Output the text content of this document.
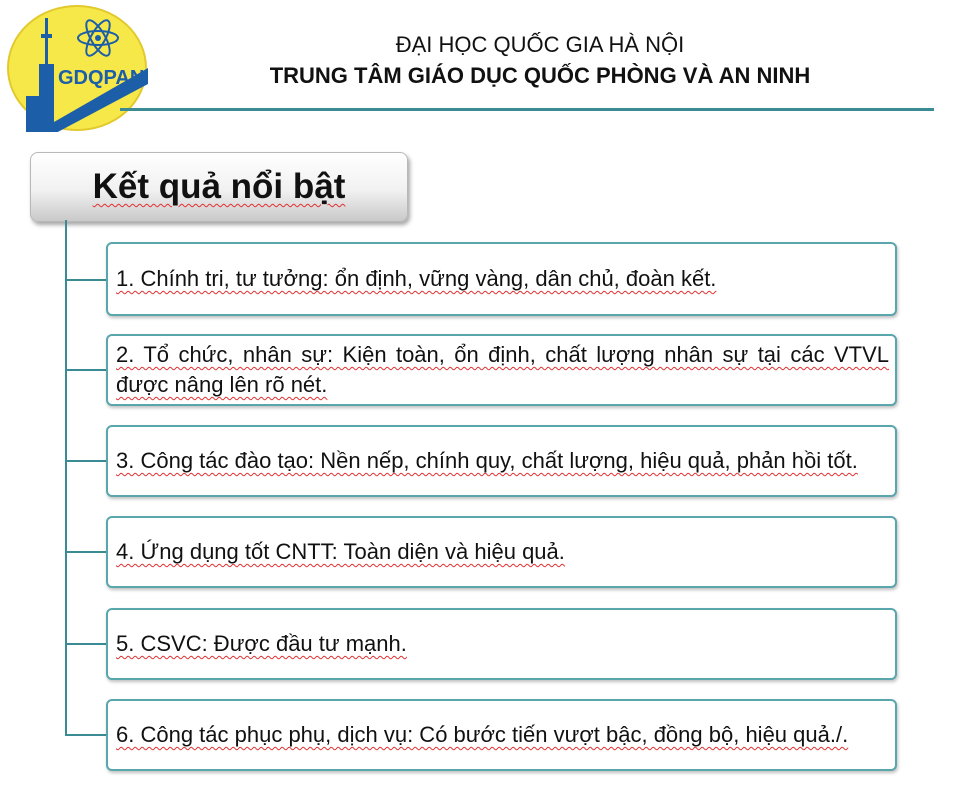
GDQPAN
ĐẠI HỌC QUỐC GIA HÀ NỘI
TRUNG TÂM GIÁO DỤC QUỐC PHÒNG VÀ AN NINH
Kết quả nổi bật
1. Chính tri, tư tưởng: ổn định, vững vàng, dân chủ, đoàn kết.
2. Tổ chức, nhân sự: Kiện toàn, ổn định, chất lượng nhân sự tại các VTVL được nâng lên rõ nét.
3. Công tác đào tạo: Nền nếp, chính quy, chất lượng, hiệu quả, phản hồi tốt.
4. Ứng dụng tốt CNTT: Toàn diện và hiệu quả.
5. CSVC: Được đầu tư mạnh.
6. Công tác phục phụ, dịch vụ: Có bước tiến vượt bậc, đồng bộ, hiệu quả./.
